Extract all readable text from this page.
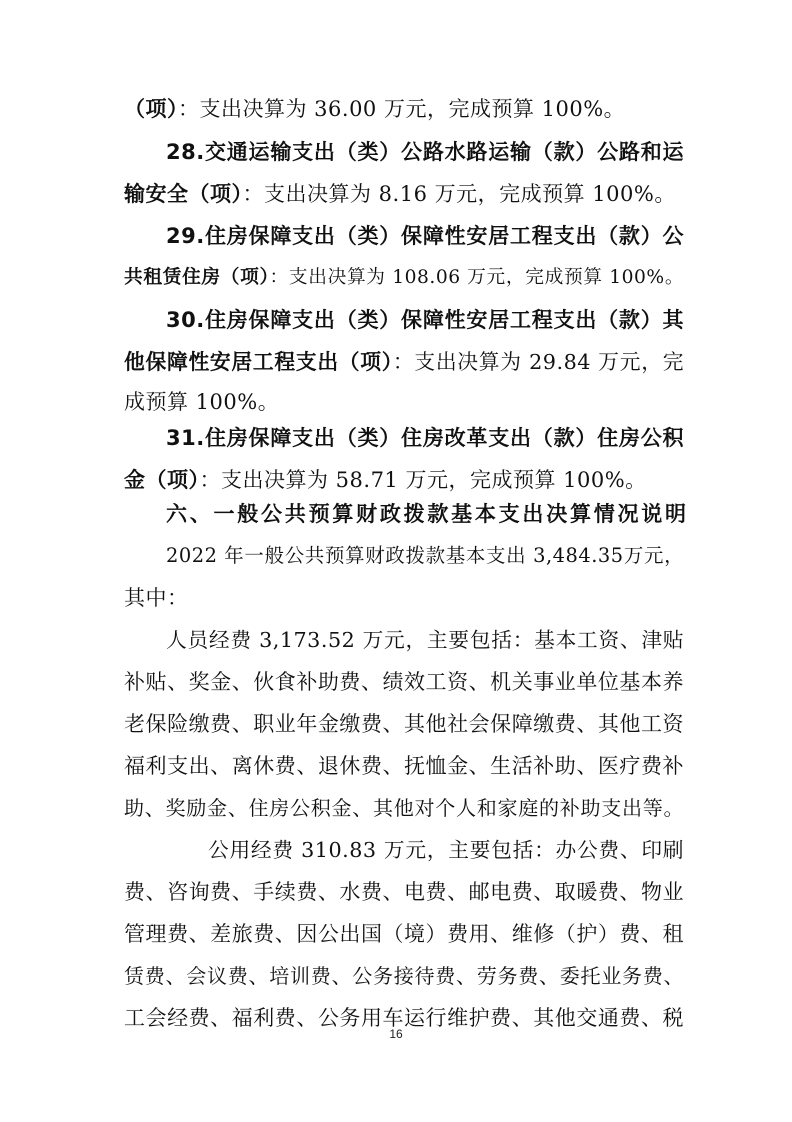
（项）：支出决算为 36.00 万元，完成预算 100%。
28.交通运输支出（类）公路水路运输（款）公路和运
输安全（项）：支出决算为 8.16 万元，完成预算 100%。
29.住房保障支出（类）保障性安居工程支出（款）公
共租赁住房（项）：支出决算为 108.06 万元，完成预算 100%。
30.住房保障支出（类）保障性安居工程支出（款）其
他保障性安居工程支出（项）：支出决算为 29.84 万元，完
成预算 100%。
31.住房保障支出（类）住房改革支出（款）住房公积
金（项）：支出决算为 58.71 万元，完成预算 100%。
六、一般公共预算财政拨款基本支出决算情况说明
2022 年一般公共预算财政拨款基本支出 3,484.35万元，
其中：
人员经费 3,173.52 万元，主要包括：基本工资、津贴
补贴、奖金、伙食补助费、绩效工资、机关事业单位基本养
老保险缴费、职业年金缴费、其他社会保障缴费、其他工资
福利支出、离休费、退休费、抚恤金、生活补助、医疗费补
助、奖励金、住房公积金、其他对个人和家庭的补助支出等。
公用经费 310.83 万元，主要包括：办公费、印刷
费、咨询费、手续费、水费、电费、邮电费、取暖费、物业
管理费、差旅费、因公出国（境）费用、维修（护）费、租
赁费、会议费、培训费、公务接待费、劳务费、委托业务费、
工会经费、福利费、公务用车运行维护费、其他交通费、税
16
